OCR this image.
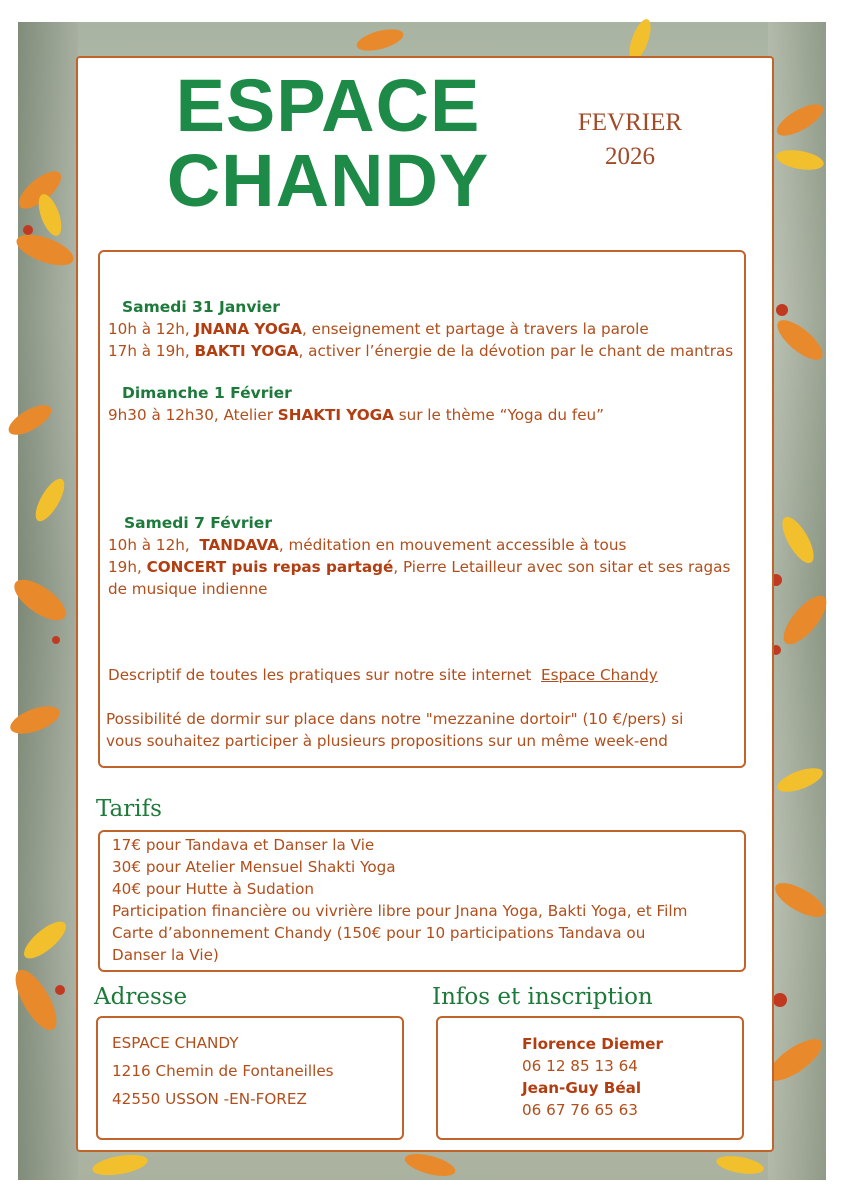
ESPACE
CHANDY
FEVRIER
2026
Samedi 31 Janvier
10h à 12h, JNANA YOGA, enseignement et partage à travers la parole
17h à 19h, BAKTI YOGA, activer l’énergie de la dévotion par le chant de mantras
Dimanche 1 Février
9h30 à 12h30, Atelier SHAKTI YOGA sur le thème “Yoga du feu”
Samedi 7 Février
10h à 12h, TANDAVA, méditation en mouvement accessible à tous
19h, CONCERT puis repas partagé, Pierre Letailleur avec son sitar et ses ragas
de musique indienne
Descriptif de toutes les pratiques sur notre site internet Espace Chandy
Possibilité de dormir sur place dans notre "mezzanine dortoir" (10 €/pers) si
vous souhaitez participer à plusieurs propositions sur un même week-end
Tarifs
17€ pour Tandava et Danser la Vie
30€ pour Atelier Mensuel Shakti Yoga
40€ pour Hutte à Sudation
Participation financière ou vivrière libre pour Jnana Yoga, Bakti Yoga, et Film
Carte d’abonnement Chandy (150€ pour 10 participations Tandava ou
Danser la Vie)
Adresse	Infos et inscription
ESPACE CHANDY
1216 Chemin de Fontaneilles
42550 USSON -EN-FOREZ
Florence Diemer
06 12 85 13 64
Jean-Guy Béal
06 67 76 65 63
